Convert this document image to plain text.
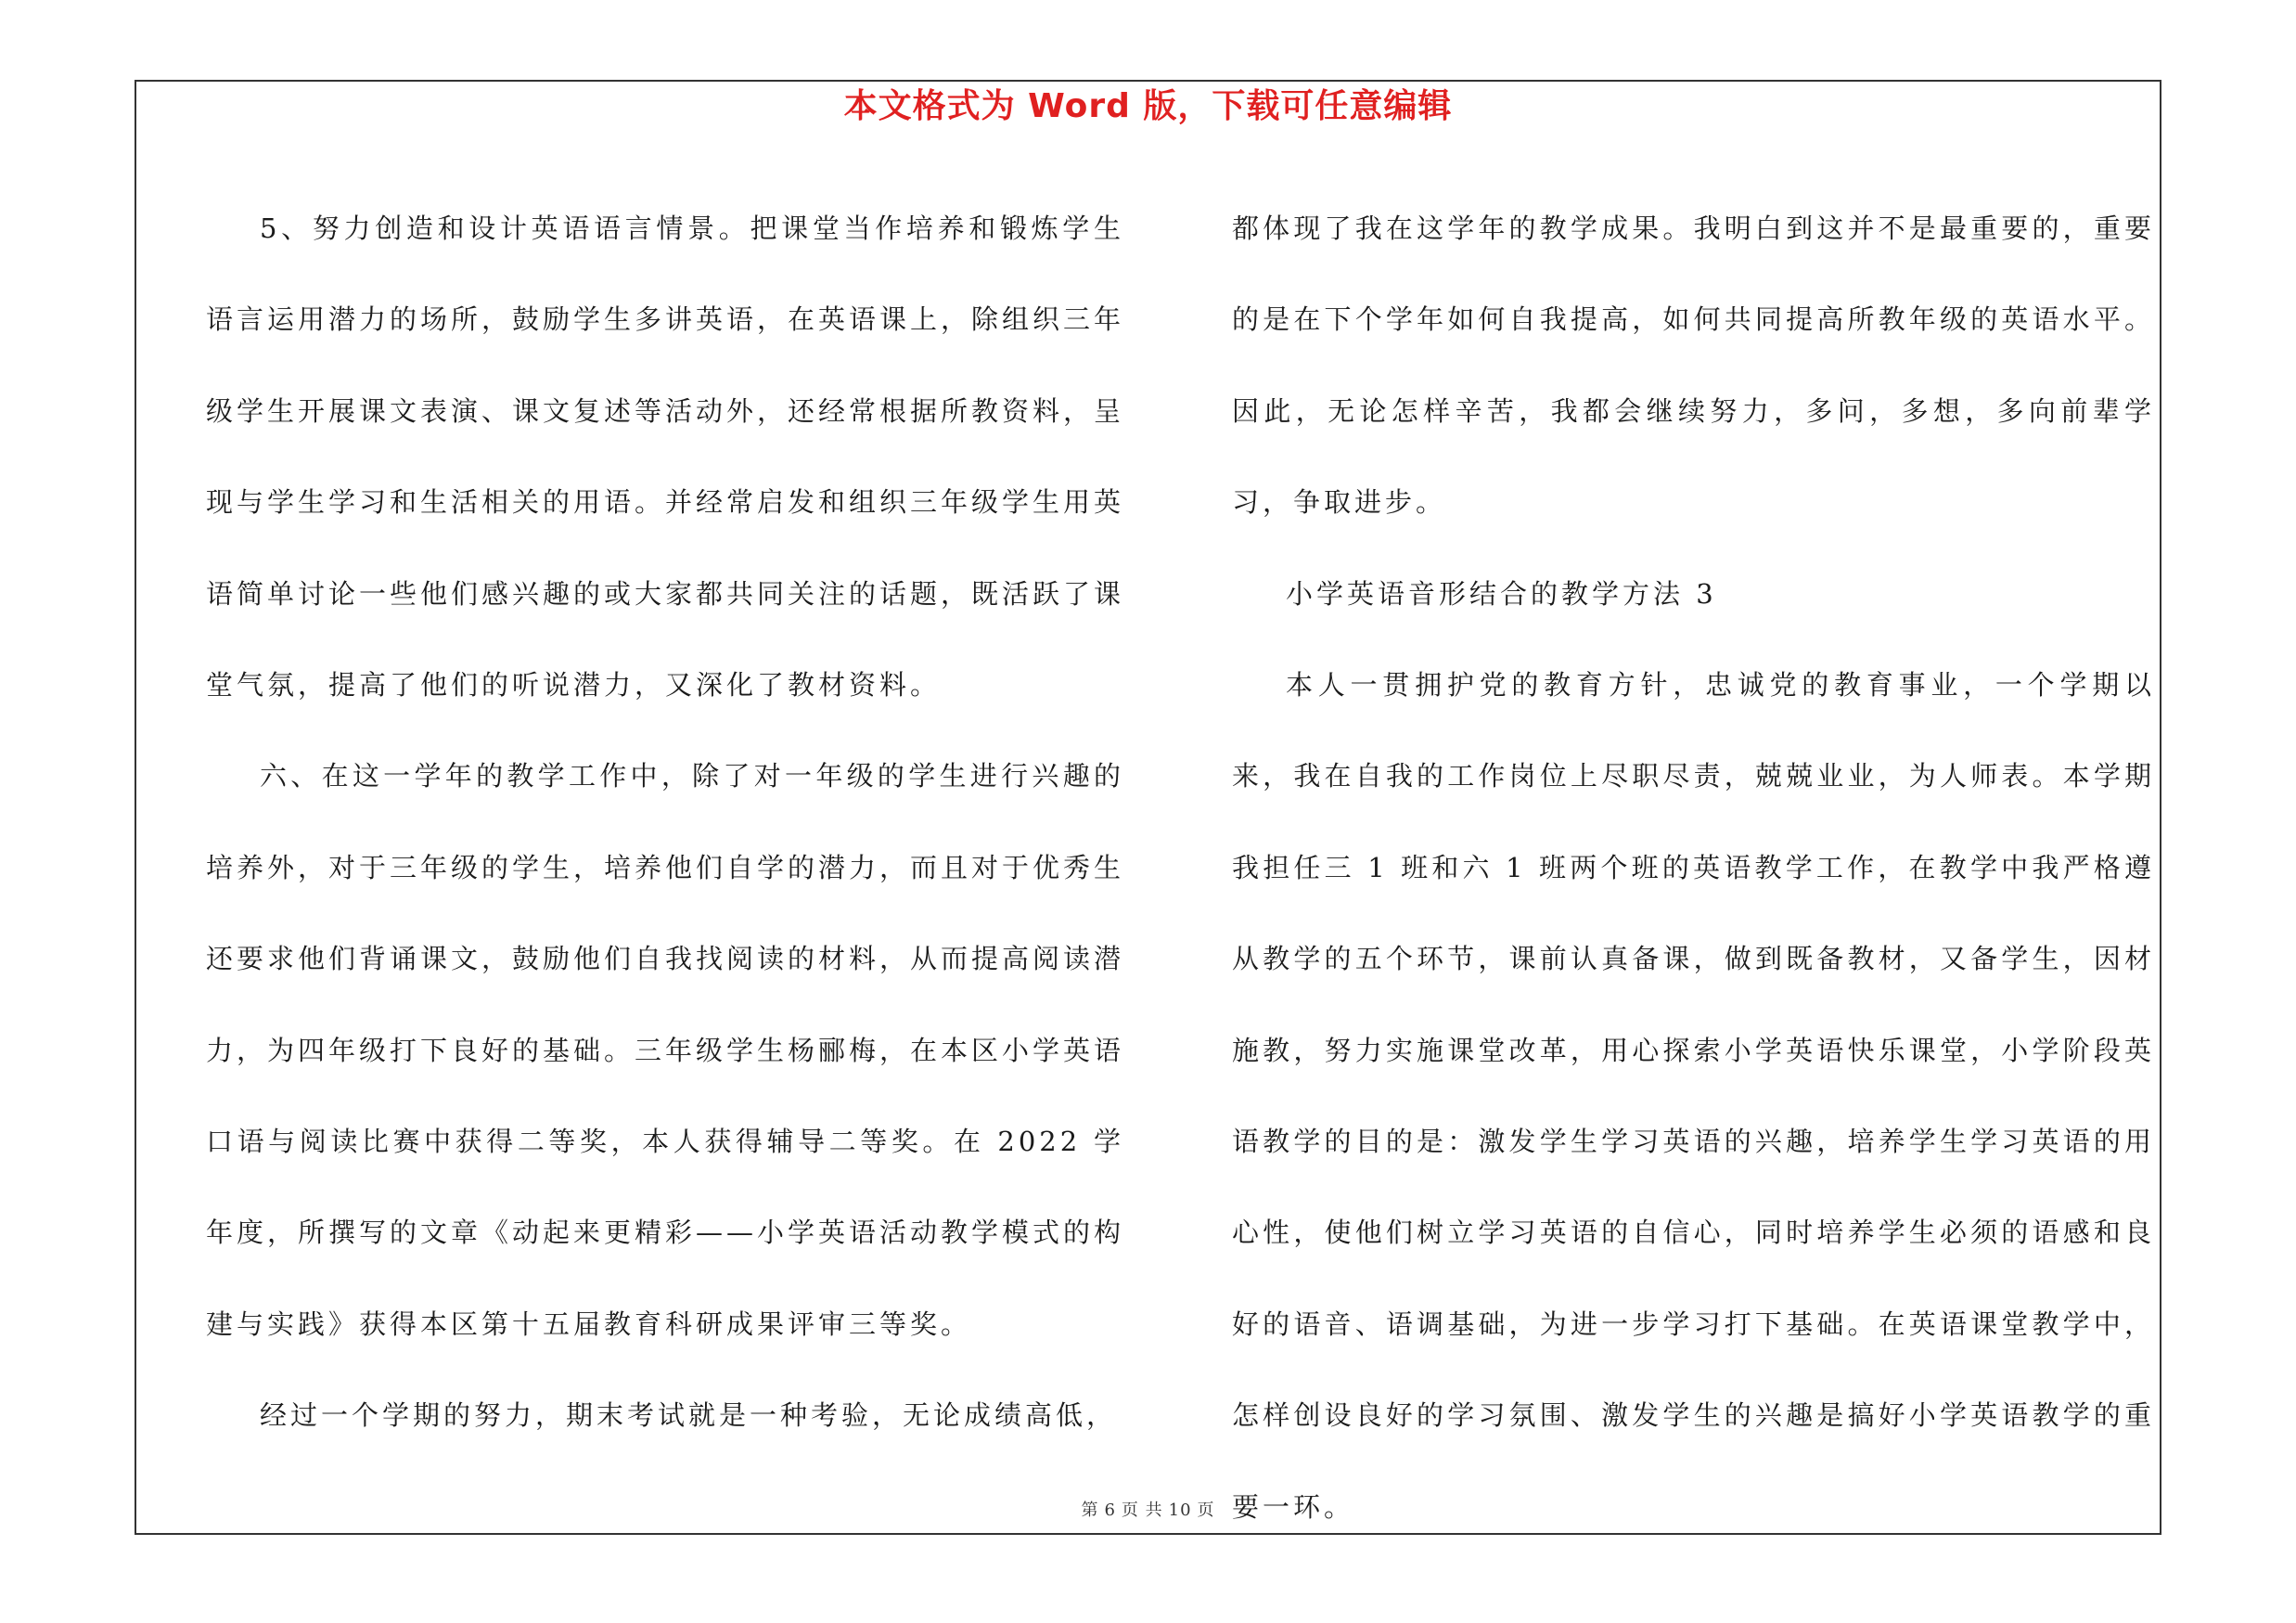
本文格式为 Word 版，下载可任意编辑

5、努力创造和设计英语语言情景。把课堂当作培养和锻炼学生语言运用潜力的场所，鼓励学生多讲英语，在英语课上，除组织三年级学生开展课文表演、课文复述等活动外，还经常根据所教资料，呈现与学生学习和生活相关的用语。并经常启发和组织三年级学生用英语简单讨论一些他们感兴趣的或大家都共同关注的话题，既活跃了课堂气氛，提高了他们的听说潜力，又深化了教材资料。

六、在这一学年的教学工作中，除了对一年级的学生进行兴趣的培养外，对于三年级的学生，培养他们自学的潜力，而且对于优秀生还要求他们背诵课文，鼓励他们自我找阅读的材料，从而提高阅读潜力，为四年级打下良好的基础。三年级学生杨郦梅，在本区小学英语口语与阅读比赛中获得二等奖，本人获得辅导二等奖。在 2022 学年度，所撰写的文章《动起来更精彩——小学英语活动教学模式的构建与实践》获得本区第十五届教育科研成果评审三等奖。

经过一个学期的努力，期末考试就是一种考验，无论成绩高低，

都体现了我在这学年的教学成果。我明白到这并不是最重要的，重要的是在下个学年如何自我提高，如何共同提高所教年级的英语水平。因此，无论怎样辛苦，我都会继续努力，多问，多想，多向前辈学习，争取进步。

小学英语音形结合的教学方法 3

本人一贯拥护党的教育方针，忠诚党的教育事业，一个学期以来，我在自我的工作岗位上尽职尽责，兢兢业业，为人师表。本学期我担任三 1 班和六 1 班两个班的英语教学工作，在教学中我严格遵从教学的五个环节，课前认真备课，做到既备教材，又备学生，因材施教，努力实施课堂改革，用心探索小学英语快乐课堂，小学阶段英语教学的目的是：激发学生学习英语的兴趣，培养学生学习英语的用心性，使他们树立学习英语的自信心，同时培养学生必须的语感和良好的语音、语调基础，为进一步学习打下基础。在英语课堂教学中，怎样创设良好的学习氛围、激发学生的兴趣是搞好小学英语教学的重要一环。

第 6 页 共 10 页
